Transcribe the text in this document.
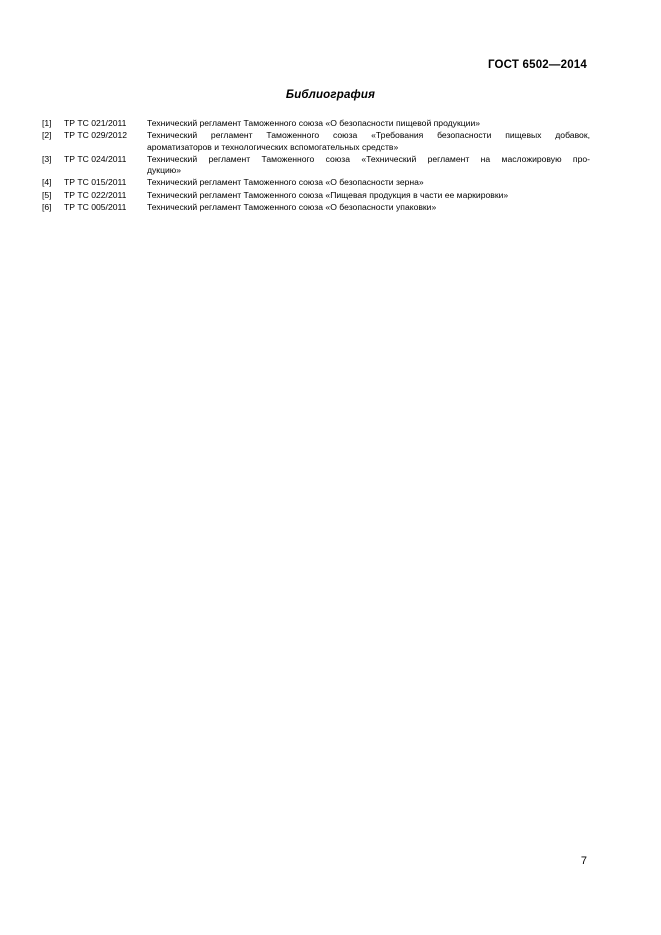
ГОСТ 6502—2014
Библиография
[1]	ТР ТС 021/2011	Технический регламент Таможенного союза «О безопасности пищевой продукции»
[2]	ТР ТС 029/2012	Технический регламент Таможенного союза «Требования безопасности пищевых добавок,
ароматизаторов и технологических вспомогательных средств»
[3]	ТР ТС 024/2011	Технический регламент Таможенного союза «Технический регламент на масложировую про-
дукцию»
[4]	ТР ТС 015/2011	Технический регламент Таможенного союза «О безопасности зерна»
[5]	ТР ТС 022/2011	Технический регламент Таможенного союза «Пищевая продукция в части ее маркировки»
[6]	ТР ТС 005/2011	Технический регламент Таможенного союза «О безопасности упаковки»
7
